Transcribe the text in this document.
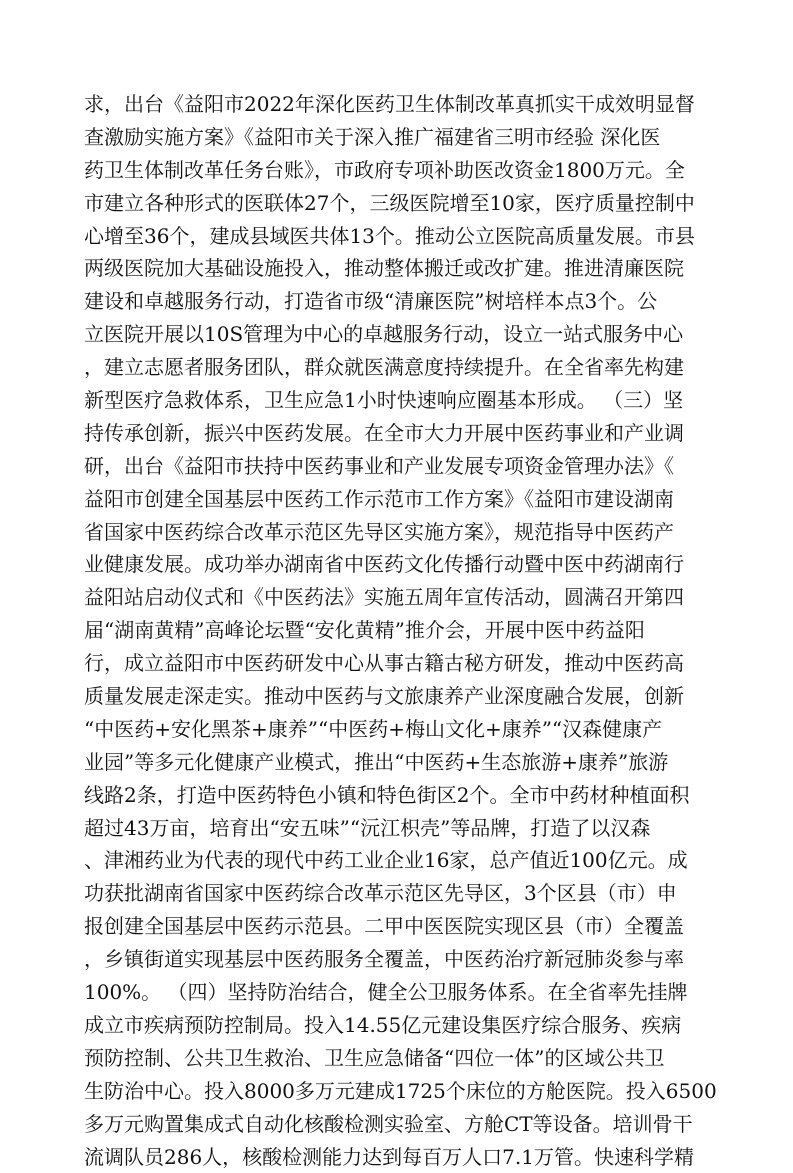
求，出台《益阳市2022年深化医药卫生体制改革真抓实干成效明显督
查激励实施方案》《益阳市关于深入推广福建省三明市经验 深化医
药卫生体制改革任务台账》，市政府专项补助医改资金1800万元。全
市建立各种形式的医联体27个，三级医院增至10家，医疗质量控制中
心增至36个，建成县域医共体13个。推动公立医院高质量发展。市县
两级医院加大基础设施投入，推动整体搬迁或改扩建。推进清廉医院
建设和卓越服务行动，打造省市级“清廉医院”树培样本点3个。公
立医院开展以10S管理为中心的卓越服务行动，设立一站式服务中心
，建立志愿者服务团队，群众就医满意度持续提升。在全省率先构建
新型医疗急救体系，卫生应急1小时快速响应圈基本形成。 （三）坚
持传承创新，振兴中医药发展。在全市大力开展中医药事业和产业调
研，出台《益阳市扶持中医药事业和产业发展专项资金管理办法》《
益阳市创建全国基层中医药工作示范市工作方案》《益阳市建设湖南
省国家中医药综合改革示范区先导区实施方案》，规范指导中医药产
业健康发展。成功举办湖南省中医药文化传播行动暨中医中药湖南行
益阳站启动仪式和《中医药法》实施五周年宣传活动，圆满召开第四
届“湖南黄精”高峰论坛暨“安化黄精”推介会，开展中医中药益阳
行，成立益阳市中医药研发中心从事古籍古秘方研发，推动中医药高
质量发展走深走实。推动中医药与文旅康养产业深度融合发展，创新
“中医药+安化黑茶+康养”“中医药+梅山文化+康养”“汉森健康产
业园”等多元化健康产业模式，推出“中医药+生态旅游+康养”旅游
线路2条，打造中医药特色小镇和特色街区2个。全市中药材种植面积
超过43万亩，培育出“安五味”“沅江枳壳”等品牌，打造了以汉森
、津湘药业为代表的现代中药工业企业16家，总产值近100亿元。成
功获批湖南省国家中医药综合改革示范区先导区，3个区县（市）申
报创建全国基层中医药示范县。二甲中医医院实现区县（市）全覆盖
，乡镇街道实现基层中医药服务全覆盖，中医药治疗新冠肺炎参与率
100%。 （四）坚持防治结合，健全公卫服务体系。在全省率先挂牌
成立市疾病预防控制局。投入14.55亿元建设集医疗综合服务、疾病
预防控制、公共卫生救治、卫生应急储备“四位一体”的区域公共卫
生防治中心。投入8000多万元建成1725个床位的方舱医院。投入6500
多万元购置集成式自动化核酸检测实验室、方舱CT等设备。培训骨干
流调队员286人，核酸检测能力达到每百万人口7.1万管。快速科学精
